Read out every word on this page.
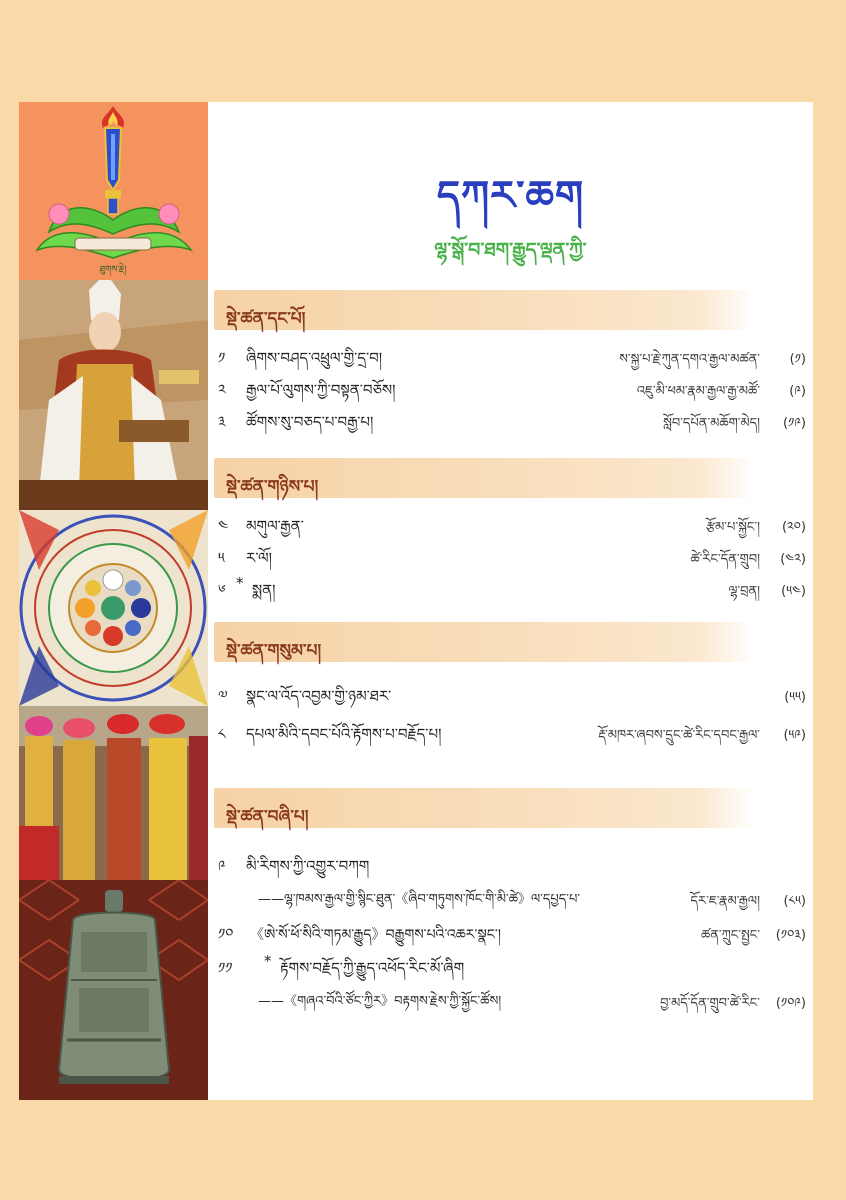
ཐུགས་རྗེ།
དཀར་ཆག
ལྷ་སྒོ་བ་ཐག་རྒྱུད་ལྡན་ཀྱི་
སྡེ་ཚན་དང་པོ།
༡ ཞིགས་བཤད་འཕྲུལ་གྱི་དྲ་བ།	ས་སྐྱ་པ་རྗེ་ཀུན་དགའ་རྒྱལ་མཚན་ (༡)
༢ རྒྱལ་པོ་ལུགས་ཀྱི་བསྟན་བཅོས།	འཇུ་མི་ཕམ་རྣམ་རྒྱལ་རྒྱ་མཚོ་ (༩)
༣ ཚོགས་སུ་བཅད་པ་བརྒྱ་པ།	སློབ་དཔོན་མཆོག་མེད། (༡༩)
སྡེ་ཚན་གཉིས་པ།
༤ མགུལ་རྒྱན་	རྩོམ་པ་སྐྱོང་། (༢༠)
༥ ར་ལོ།	ཚེ་རིང་དོན་གྲུབ། (༤༢)
༦ * སྨན།	ལྷ་བྲན། (༥༤)
སྡེ་ཚན་གསུམ་པ།
༧ སྣང་ལ་འོད་འབྱམ་གྱི་ཉམ་ཐར་	(༥༥)
༨ དཔལ་མིའི་དབང་པོའི་རྟོགས་པ་བརྗོད་པ།	རྡོ་མཁར་ཞབས་དྲུང་ཚེ་རིང་དབང་རྒྱལ་ (༥༩)
སྡེ་ཚན་བཞི་པ།
༩ མི་རིགས་ཀྱི་འགྱུར་བཀག
——ལྷ་ཁམས་རྒྱལ་གྱི་སྙིང་ཐུན་《ཞིབ་གཏུགས་ཁོང་གི་མི་ཚེ》ལ་དཔྱད་པ་	དོར་ཇ་རྣམ་རྒྱལ། (༨༥)
༡༠ 《ཨེ་སོ་ཕོ་སིའི་གཏམ་རྒྱུད》བརྒྱུགས་པའི་འཆར་སྣང་།	ཚན་ཀྲུང་སྤྱང་ (༡༠༣)
༡༡ * རྟོགས་བརྗོད་ཀྱི་རྒྱུད་འཕོད་རིང་མོ་ཞིག
——《གཞའ་བོའི་ཙོང་ཀྱིར》བརྟགས་རྗེས་ཀྱི་སྐྱོང་ཚོས།	བྱ་མདོ་དོན་གྲུབ་ཚེ་རིང་ (༡༠༩)
